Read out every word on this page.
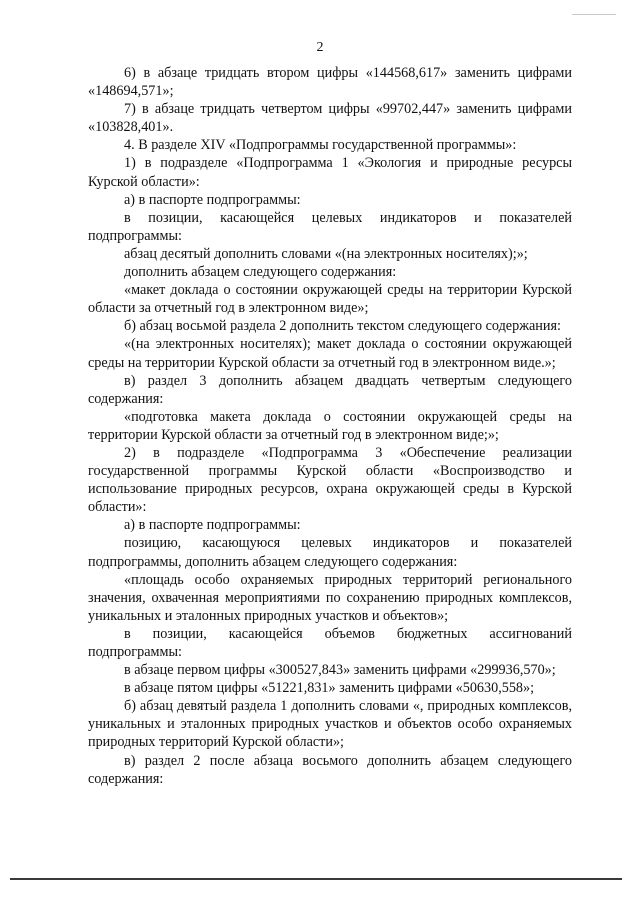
2

6) в абзаце тридцать втором цифры «144568,617» заменить цифрами «148694,571»;

7) в абзаце тридцать четвертом цифры «99702,447» заменить цифрами «103828,401».

4. В разделе XIV «Подпрограммы государственной программы»:

1) в подразделе «Подпрограмма 1 «Экология и природные ресурсы Курской области»:

а) в паспорте подпрограммы:

в позиции, касающейся целевых индикаторов и показателей подпрограммы:

абзац десятый дополнить словами «(на электронных носителях);»;

дополнить абзацем следующего содержания:

«макет доклада о состоянии окружающей среды на территории Курской области за отчетный год в электронном виде»;

б) абзац восьмой раздела 2 дополнить текстом следующего содержания:

«(на электронных носителях); макет доклада о состоянии окружающей среды на территории Курской области за отчетный год в электронном виде.»;

в) раздел 3 дополнить абзацем двадцать четвертым следующего содержания:

«подготовка макета доклада о состоянии окружающей среды на территории Курской области за отчетный год в электронном виде;»;

2) в подразделе «Подпрограмма 3 «Обеспечение реализации государственной программы Курской области «Воспроизводство и использование природных ресурсов, охрана окружающей среды в Курской области»:

а) в паспорте подпрограммы:

позицию, касающуюся целевых индикаторов и показателей подпрограммы, дополнить абзацем следующего содержания:

«площадь особо охраняемых природных территорий регионального значения, охваченная мероприятиями по сохранению природных комплексов, уникальных и эталонных природных участков и объектов»;

в позиции, касающейся объемов бюджетных ассигнований подпрограммы:

в абзаце первом цифры «300527,843» заменить цифрами «299936,570»;

в абзаце пятом цифры «51221,831» заменить цифрами «50630,558»;

б) абзац девятый раздела 1 дополнить словами «, природных комплексов, уникальных и эталонных природных участков и объектов особо охраняемых природных территорий Курской области»;

в) раздел 2 после абзаца восьмого дополнить абзацем следующего содержания:
